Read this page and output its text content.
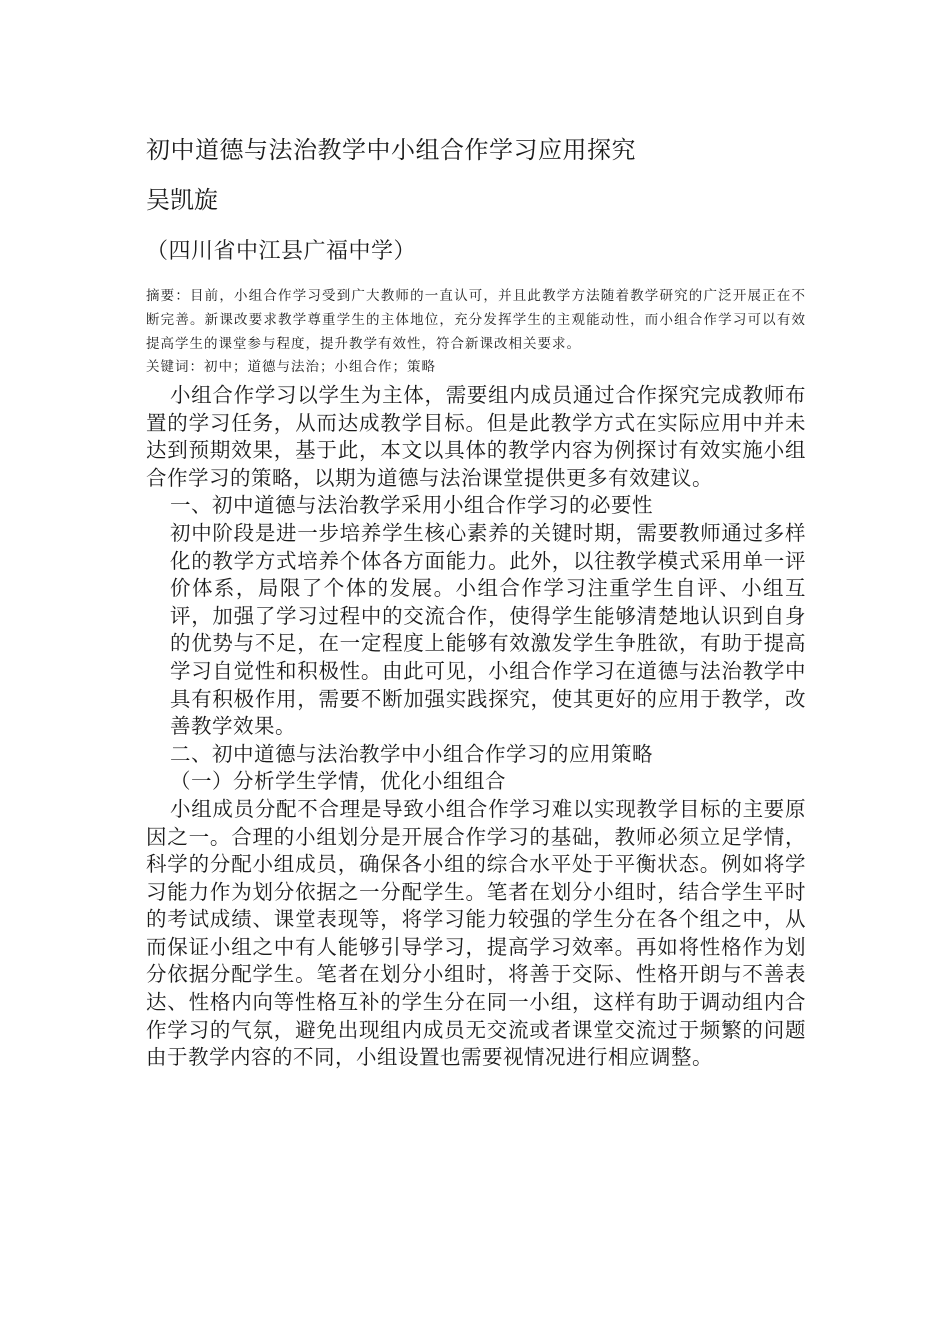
初中道德与法治教学中小组合作学习应用探究
吴凯旋
（四川省中江县广福中学）

摘要：目前，小组合作学习受到广大教师的一直认可，并且此教学方法随着教学研究的广泛开展正在不断完善。新课改要求教学尊重学生的主体地位，充分发挥学生的主观能动性，而小组合作学习可以有效提高学生的课堂参与程度，提升教学有效性，符合新课改相关要求。

关键词：初中；道德与法治；小组合作；策略

小组合作学习以学生为主体，需要组内成员通过合作探究完成教师布置的学习任务，从而达成教学目标。但是此教学方式在实际应用中并未达到预期效果，基于此，本文以具体的教学内容为例探讨有效实施小组合作学习的策略，以期为道德与法治课堂提供更多有效建议。

一、初中道德与法治教学采用小组合作学习的必要性

初中阶段是进一步培养学生核心素养的关键时期，需要教师通过多样化的教学方式培养个体各方面能力。此外，以往教学模式采用单一评价体系，局限了个体的发展。小组合作学习注重学生自评、小组互评，加强了学习过程中的交流合作，使得学生能够清楚地认识到自身的优势与不足，在一定程度上能够有效激发学生争胜欲，有助于提高学习自觉性和积极性。由此可见，小组合作学习在道德与法治教学中具有积极作用，需要不断加强实践探究，使其更好的应用于教学，改善教学效果。

二、初中道德与法治教学中小组合作学习的应用策略

（一）分析学生学情，优化小组组合

小组成员分配不合理是导致小组合作学习难以实现教学目标的主要原因之一。合理的小组划分是开展合作学习的基础，教师必须立足学情，科学的分配小组成员，确保各小组的综合水平处于平衡状态。例如将学习能力作为划分依据之一分配学生。笔者在划分小组时，结合学生平时的考试成绩、课堂表现等，将学习能力较强的学生分在各个组之中，从而保证小组之中有人能够引导学习，提高学习效率。再如将性格作为划分依据分配学生。笔者在划分小组时，将善于交际、性格开朗与不善表达、性格内向等性格互补的学生分在同一小组，这样有助于调动组内合作学习的气氛，避免出现组内成员无交流或者课堂交流过于频繁的问题由于教学内容的不同，小组设置也需要视情况进行相应调整。
